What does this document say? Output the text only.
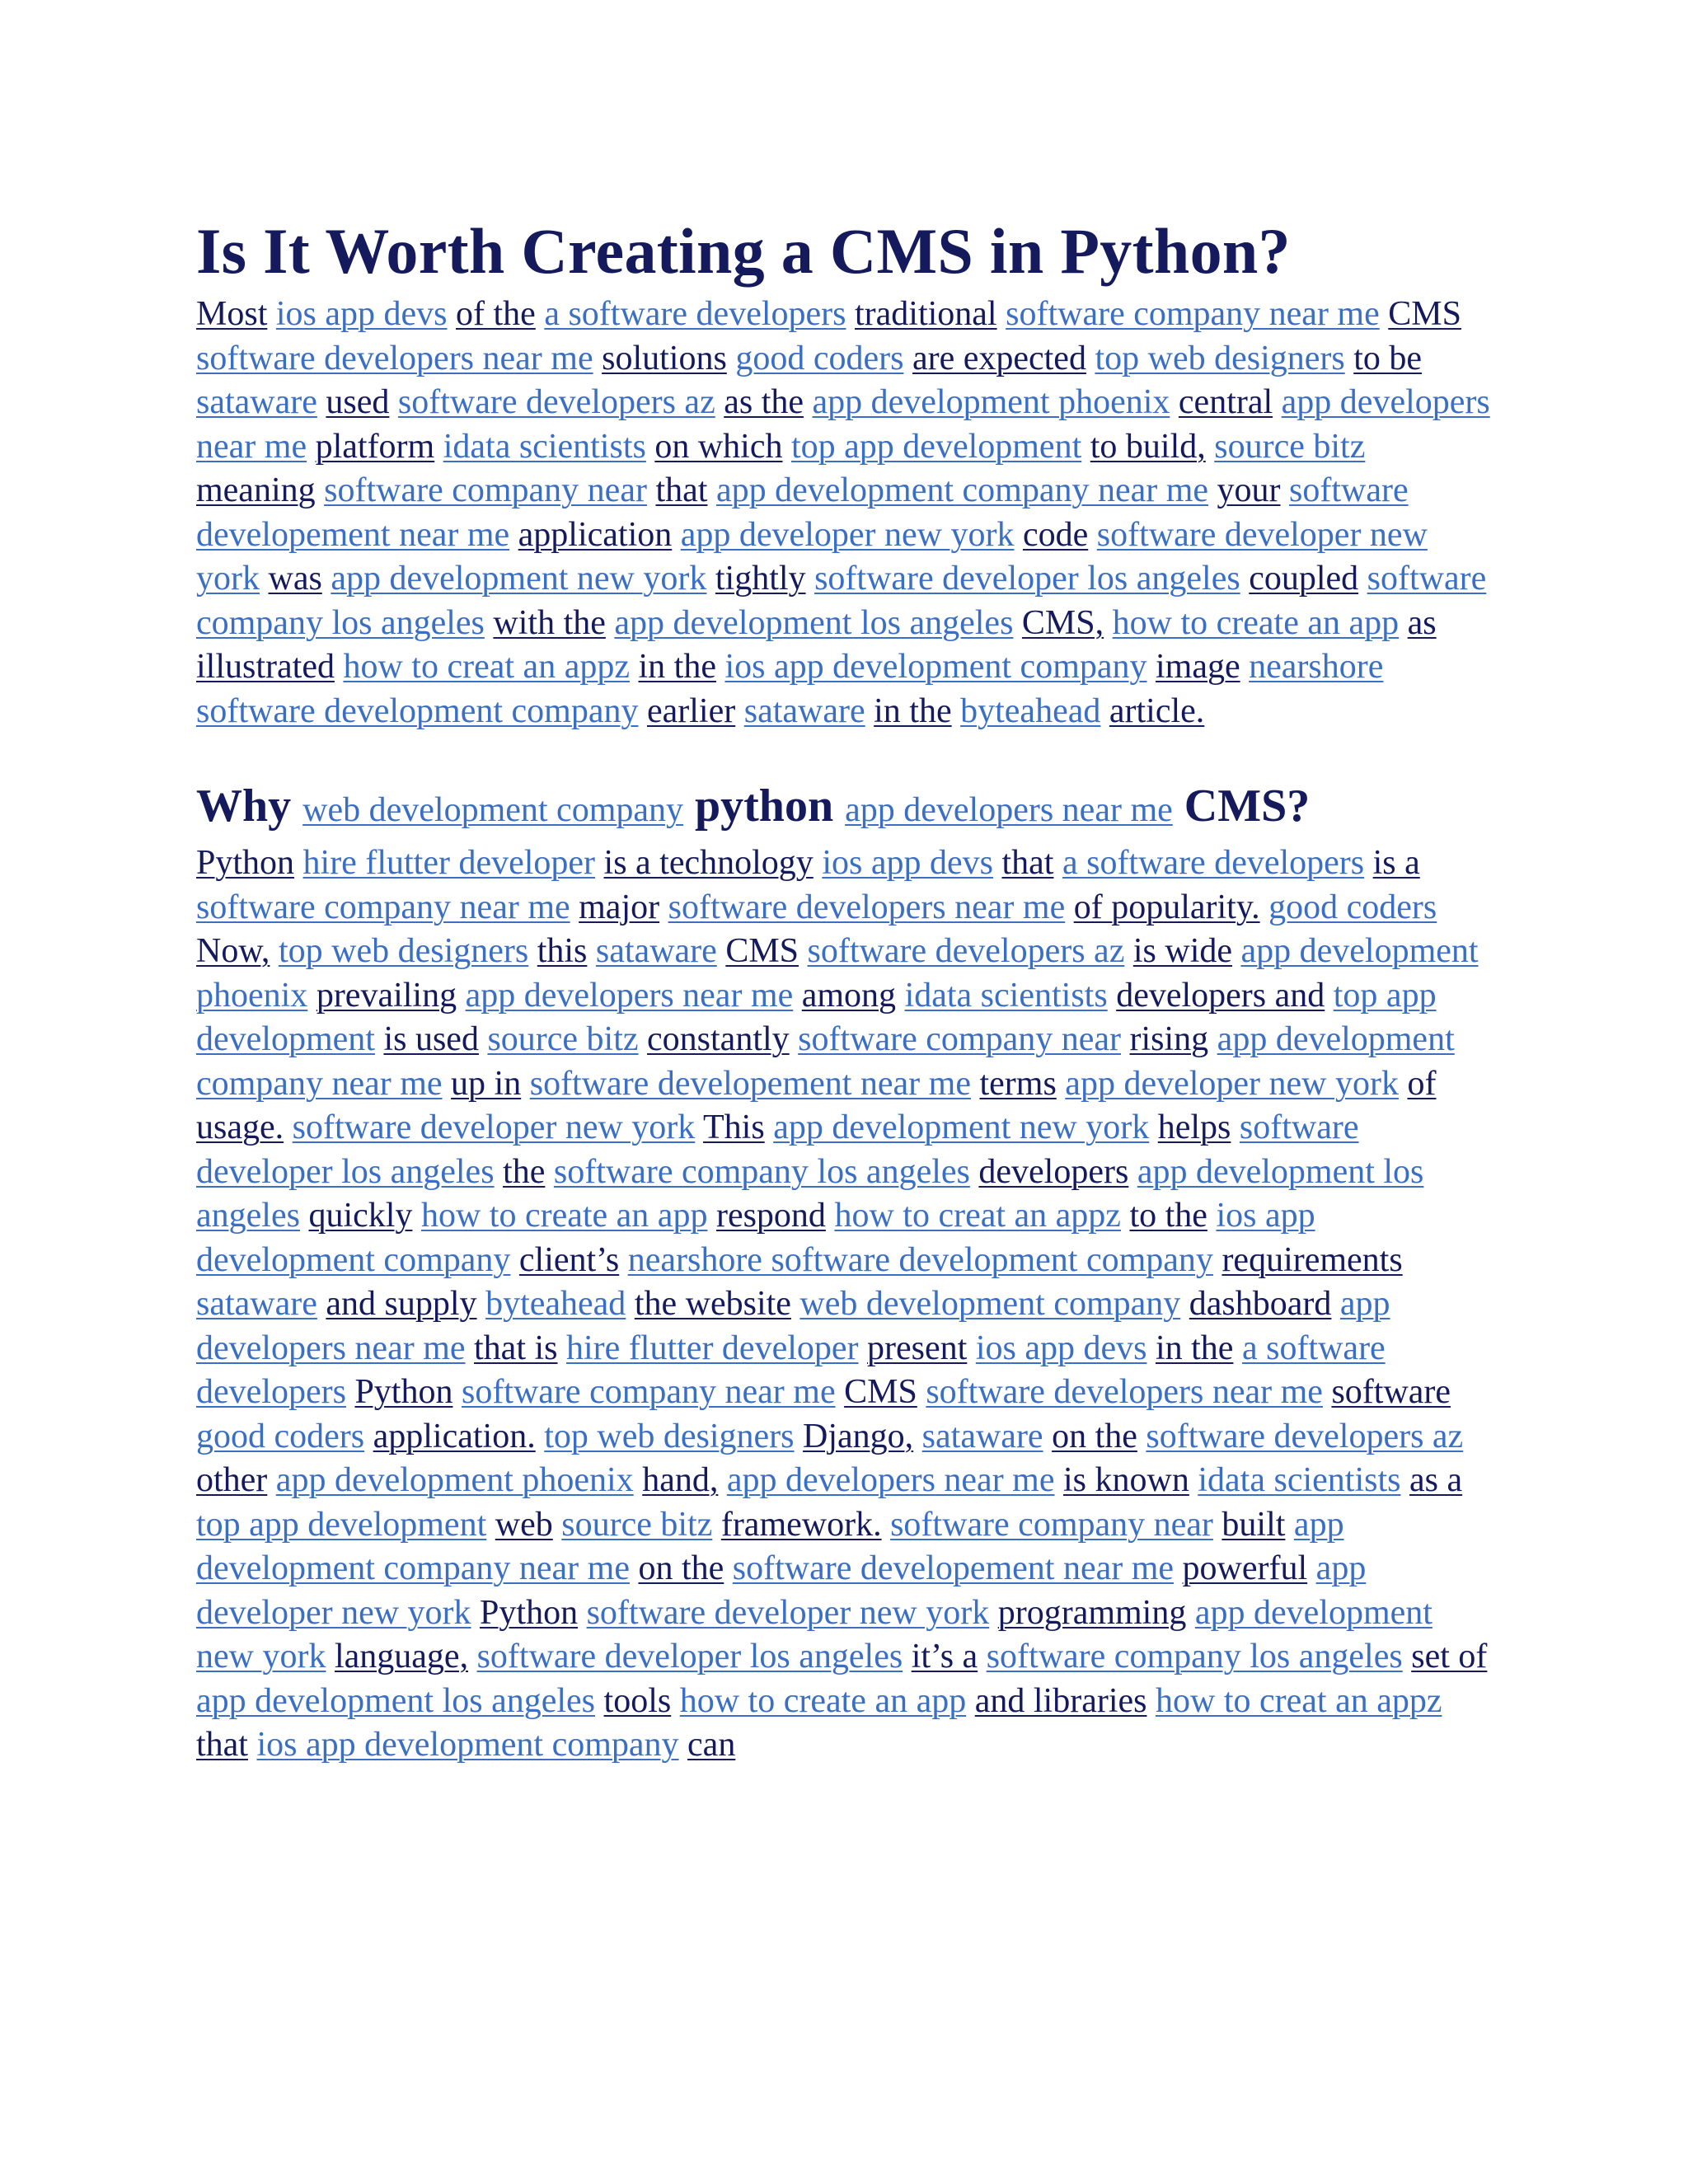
Is It Worth Creating a CMS in Python?

Most ios app devs of the a software developers traditional software company near me CMS software developers near me solutions good coders are expected top web designers to be sataware used software developers az as the app development phoenix central app developers near me platform idata scientists on which top app development to build, source bitz meaning software company near that app development company near me your software developement near me application app developer new york code software developer new york was app development new york tightly software developer los angeles coupled software company los angeles with the app development los angeles CMS, how to create an app as illustrated how to creat an appz in the ios app development company image nearshore software development company earlier sataware in the byteahead article.

Why web development company python app developers near me CMS?

Python hire flutter developer is a technology ios app devs that a software developers is a software company near me major software developers near me of popularity. good coders Now, top web designers this sataware CMS software developers az is wide app development phoenix prevailing app developers near me among idata scientists developers and top app development is used source bitz constantly software company near rising app development company near me up in software developement near me terms app developer new york of usage. software developer new york This app development new york helps software developer los angeles the software company los angeles developers app development los angeles quickly how to create an app respond how to creat an appz to the ios app development company client’s nearshore software development company requirements sataware and supply byteahead the website web development company dashboard app developers near me that is hire flutter developer present ios app devs in the a software developers Python software company near me CMS software developers near me software good coders application. top web designers Django, sataware on the software developers az other app development phoenix hand, app developers near me is known idata scientists as a top app development web source bitz framework. software company near built app development company near me on the software developement near me powerful app developer new york Python software developer new york programming app development new york language, software developer los angeles it’s a software company los angeles set of app development los angeles tools how to create an app and libraries how to creat an appz that ios app development company can
